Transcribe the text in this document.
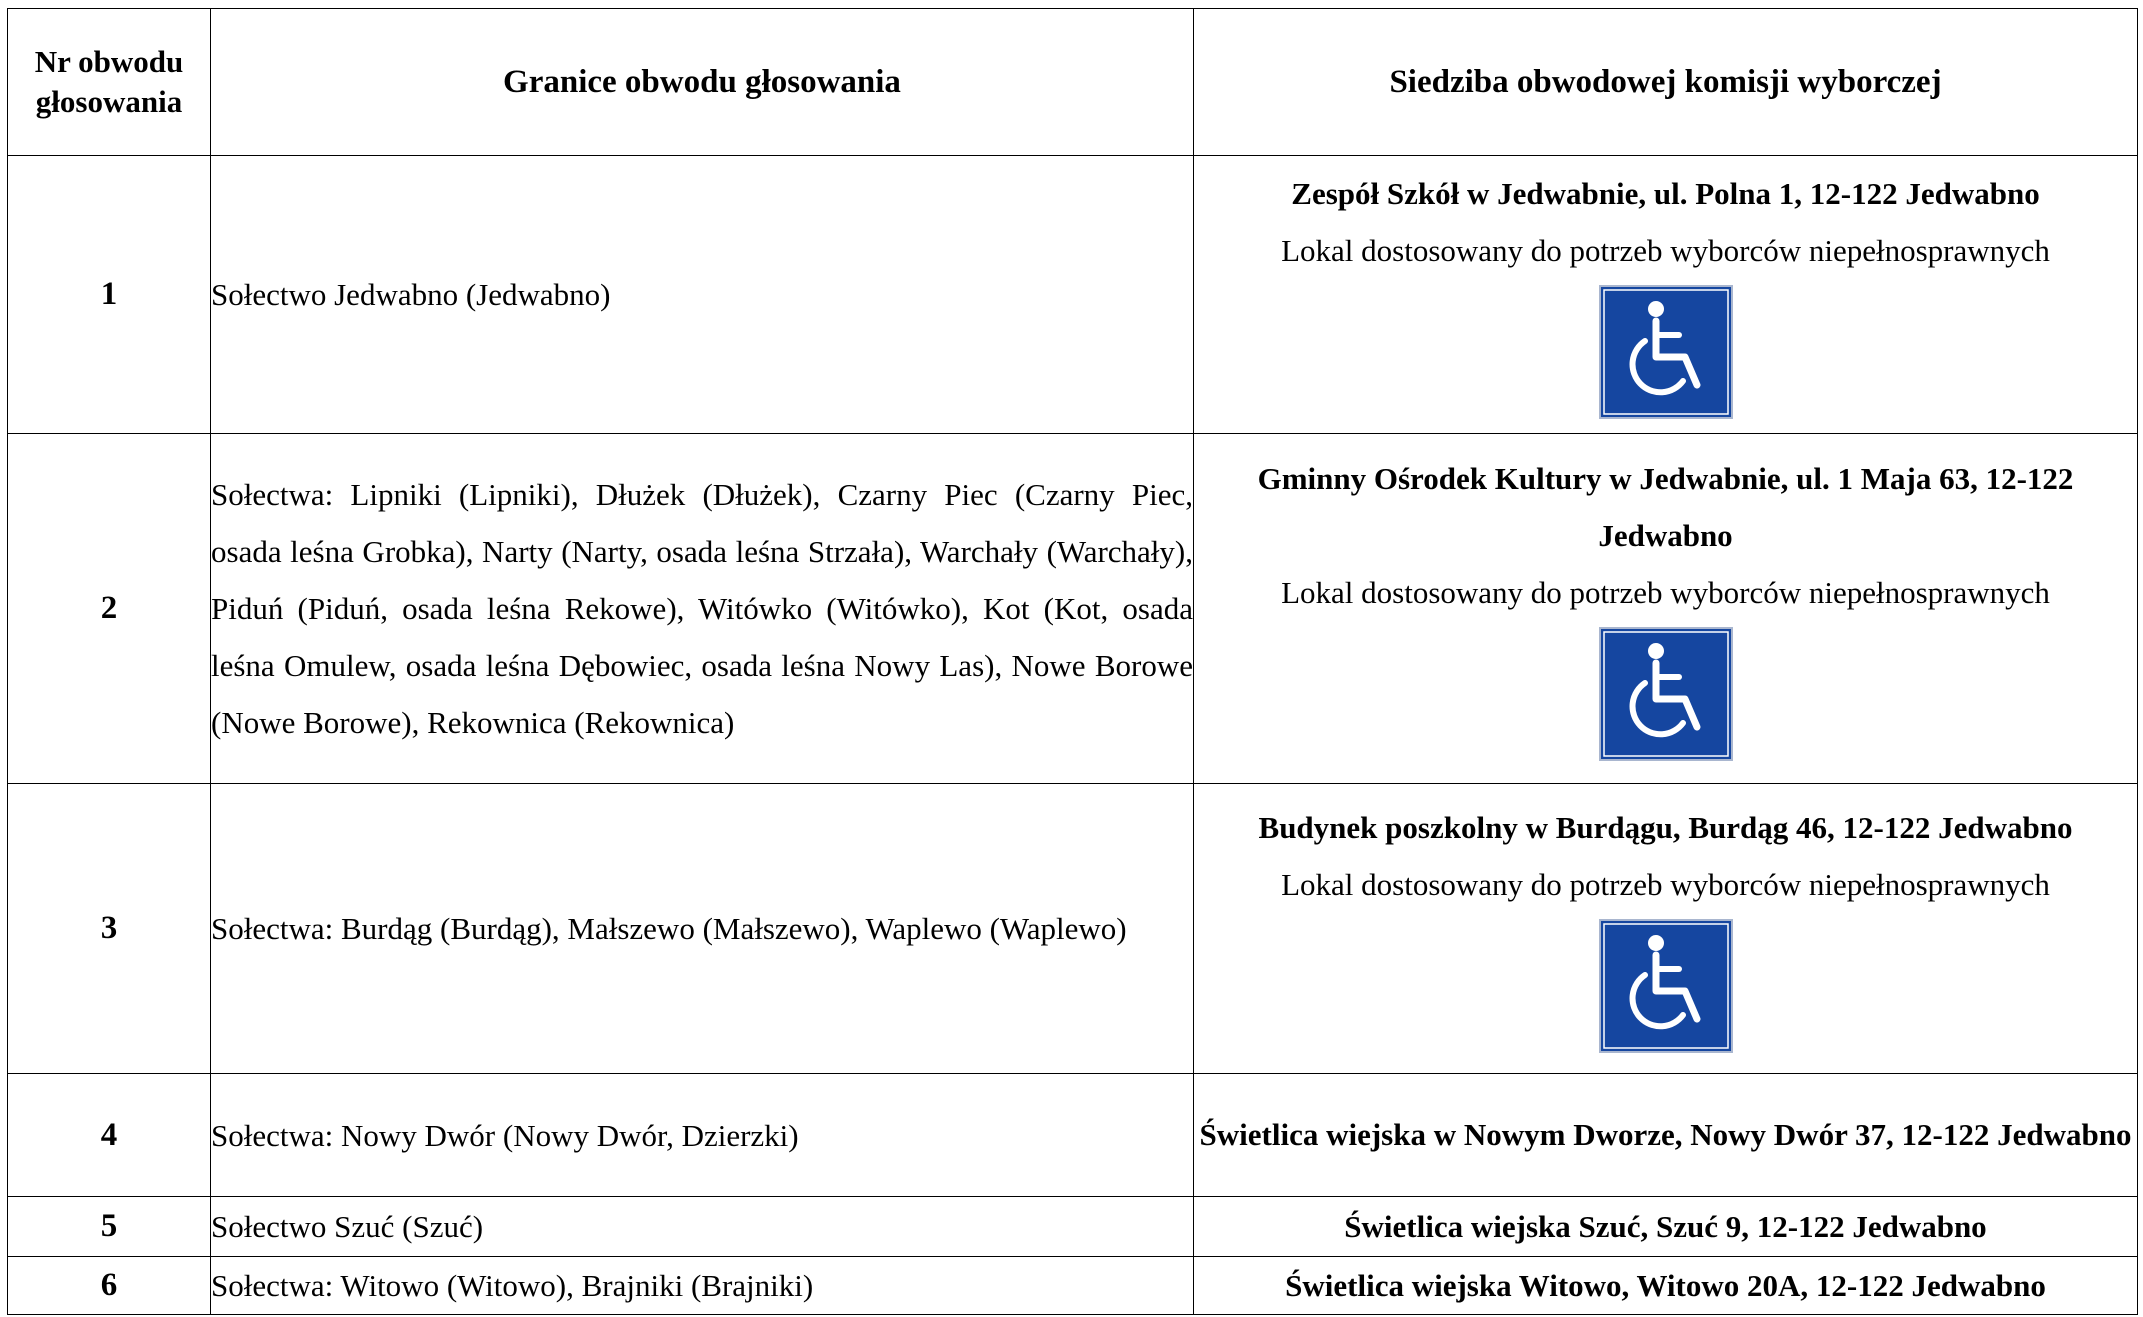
Nr obwodu głosowania	Granice obwodu głosowania	Siedziba obwodowej komisji wyborczej
1	Sołectwo Jedwabno (Jedwabno)	Zespół Szkół w Jedwabnie, ul. Polna 1, 12-122 Jedwabno
Lokal dostosowany do potrzeb wyborców niepełnosprawnych

2	Sołectwa: Lipniki (Lipniki), Dłużek (Dłużek), Czarny Piec (Czarny Piec, osada leśna Grobka), Narty (Narty, osada leśna Strzała), Warchały (Warchały), Piduń (Piduń, osada leśna Rekowe), Witówko (Witówko), Kot (Kot, osada leśna Omulew, osada leśna Dębowiec, osada leśna Nowy Las), Nowe Borowe (Nowe Borowe), Rekownica (Rekownica)	Gminny Ośrodek Kultury w Jedwabnie, ul. 1 Maja 63, 12-122 Jedwabno
Lokal dostosowany do potrzeb wyborców niepełnosprawnych

3	Sołectwa: Burdąg (Burdąg), Małszewo (Małszewo), Waplewo (Waplewo)	Budynek poszkolny w Burdągu, Burdąg 46, 12-122 Jedwabno
Lokal dostosowany do potrzeb wyborców niepełnosprawnych

4	Sołectwa: Nowy Dwór (Nowy Dwór, Dzierzki)	Świetlica wiejska w Nowym Dworze, Nowy Dwór 37, 12-122 Jedwabno

5	Sołectwo Szuć (Szuć)	Świetlica wiejska Szuć, Szuć 9, 12-122 Jedwabno

6	Sołectwa: Witowo (Witowo), Brajniki (Brajniki)	Świetlica wiejska Witowo, Witowo 20A, 12-122 Jedwabno
